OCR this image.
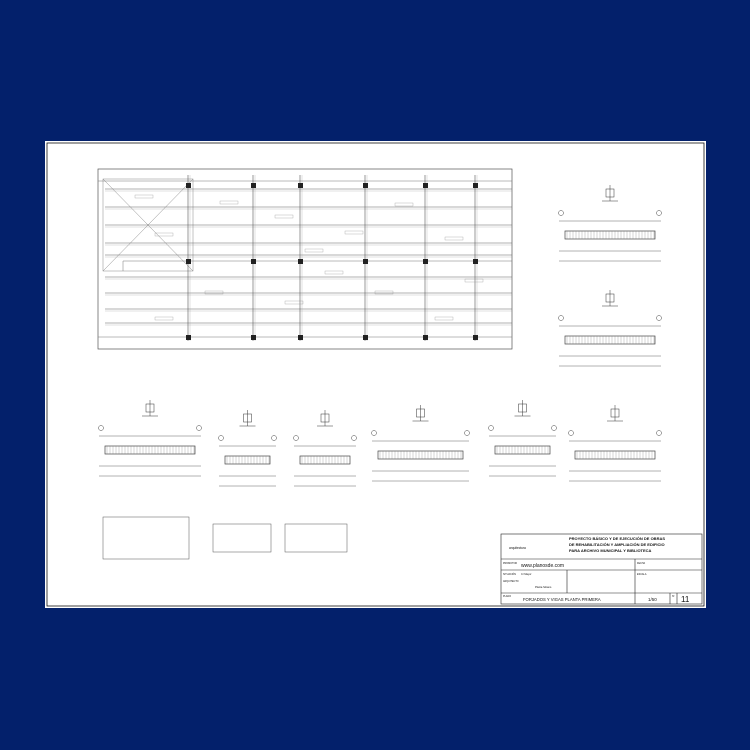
PROYECTO BÁSICO Y DE EJECUCIÓN DE OBRAS
DE REHABILITACIÓN Y AMPLIACIÓN DE EDIFICIO
PARA ARCHIVO MUNICIPAL Y BIBLIOTECA
arquitectura
PROMOTOR www.planosde.com
SITUACIÓN C/ Mayor
ARQUITECTO
Planta Sótano
FECHA
ESCALA
PLANO
FORJADOS Y VIGAS PLANTA PRIMERA	1/50
Nº 11
